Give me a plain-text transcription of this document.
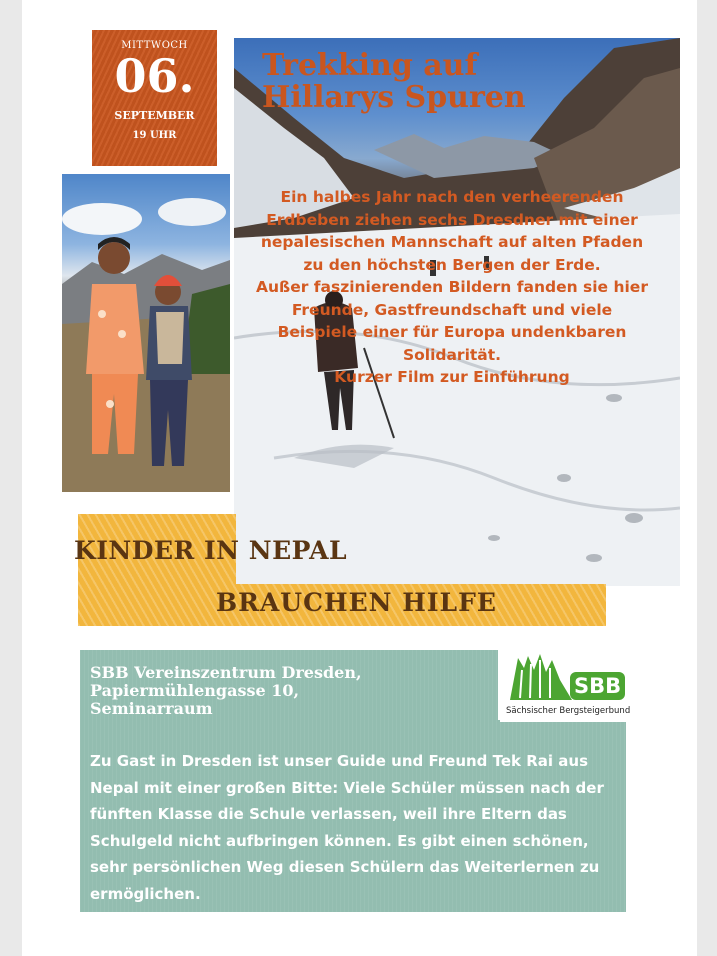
MITTWOCH
06.
SEPTEMBER
19 UHR
Trekking auf Hillarys Spuren

Ein halbes Jahr nach den verheerenden Erdbeben ziehen sechs Dresdner mit einer nepalesischen Mannschaft auf alten Pfaden zu den höchsten Bergen der Erde.

Außer faszinierenden Bildern fanden sie hier Freunde, Gastfreundschaft und viele Beispiele einer für Europa undenkbaren Solidarität.

Kurzer Film zur Einführung

KINDER IN NEPAL
BRAUCHEN HILFE
SBB Vereinszentrum Dresden,
Papiermühlengasse 10,
Seminarraum

Zu Gast in Dresden ist unser Guide und Freund Tek Rai aus Nepal mit einer großen Bitte: Viele Schüler müssen nach der fünften Klasse die Schule verlassen, weil ihre Eltern das Schulgeld nicht aufbringen können. Es gibt einen schönen, sehr persönlichen Weg diesen Schülern das Weiterlernen zu ermöglichen.

SBB
Sächsischer Bergsteigerbund
